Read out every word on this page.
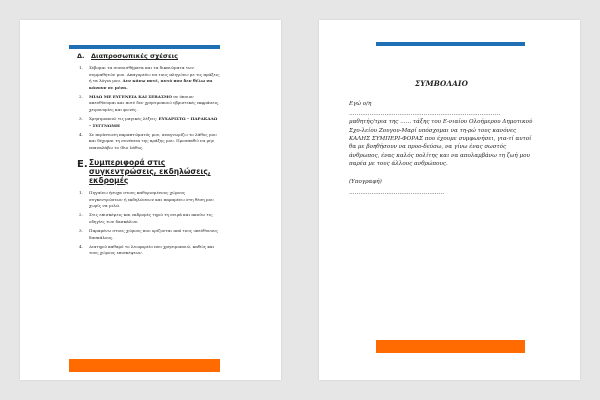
Δ.	Διαπροσωπικές σχέσεις
1.	Σέβομαι τα συναισθήματα και τα δικαιώματα των συμμαθητών μου. Απαγορεύω να τους πληγώνω με τις πράξεις ή τα λόγια μου. Δεν κάνω ποτέ, αυτό που δεν θέλω να κάνουν σε μένα.
2.	ΜΙΛΩ ΜΕ ΕΥΓΕΝΕΙΑ ΚΑΙ ΣΕΒΑΣΜΟ σε όποιον απευθύνομαι και ποτέ δεν χρησιμοποιώ υβριστικές εκφράσεις, χειρονομίες και φωνές.
3.	Χρησιμοποιώ τις μαγικές λέξεις: ΕΥΧΑΡΙΣΤΩ – ΠΑΡΑΚΑΛΩ – ΣΥΓΓΝΩΜΗ
4.	Σε περίπτωση παραπτώματός μου, αναγνωρίζω το λάθος μου και δέχομαι τη συνέπεια της πράξης μου. Προσπαθώ να μην επαναλάβω το ίδιο λάθος.
Ε. Συμπεριφορά στις συγκεντρώσεις, εκδηλώσεις, εκδρομές
1.	Πηγαίνω ήσυχα στους καθορισμένους χώρους συγκεντρώσεων ή εκδηλώσεων και παραμένω στη θέση μου χωρίς να μιλώ.
2.	Στις επισκέψεις και εκδρομές τηρώ τη σειρά και ακούω τις οδηγίες των δασκάλων.
3.	Παραμένω στους χώρους που ορίζονται από τους υπεύθυνους δασκάλους.
4.	Διατηρώ καθαρό το λεωφορείο που χρησιμοποιώ, καθώς και τους χώρους επισκέψεων.
ΣΥΜΒΟΛΑΙΟ
Εγώ ο/η
………………………………………………………………………
μαθητής/τρια της …… τάξης του Ε-νιαίου Ολοήμερου Δημοτικού Σχο-λείου Ζουγου-Μαρί υπόσχομαι να τη-ρώ τους κανόνες ΚΑΛΗΣ ΣΥΜΠΕΡΙ-ΦΟΡΑΣ που έχουμε συμφωνήσει, για-τί αυτοί θα με βοηθήσουν να προο-δεύσω, να γίνω ένας σωστός άνθρωπος, ένας καλός πολίτης και να απολαμβάνω τη ζωή μου παρέα με τους άλλους ανθρώπους.
(Υπογραφή)
……………………………………………
